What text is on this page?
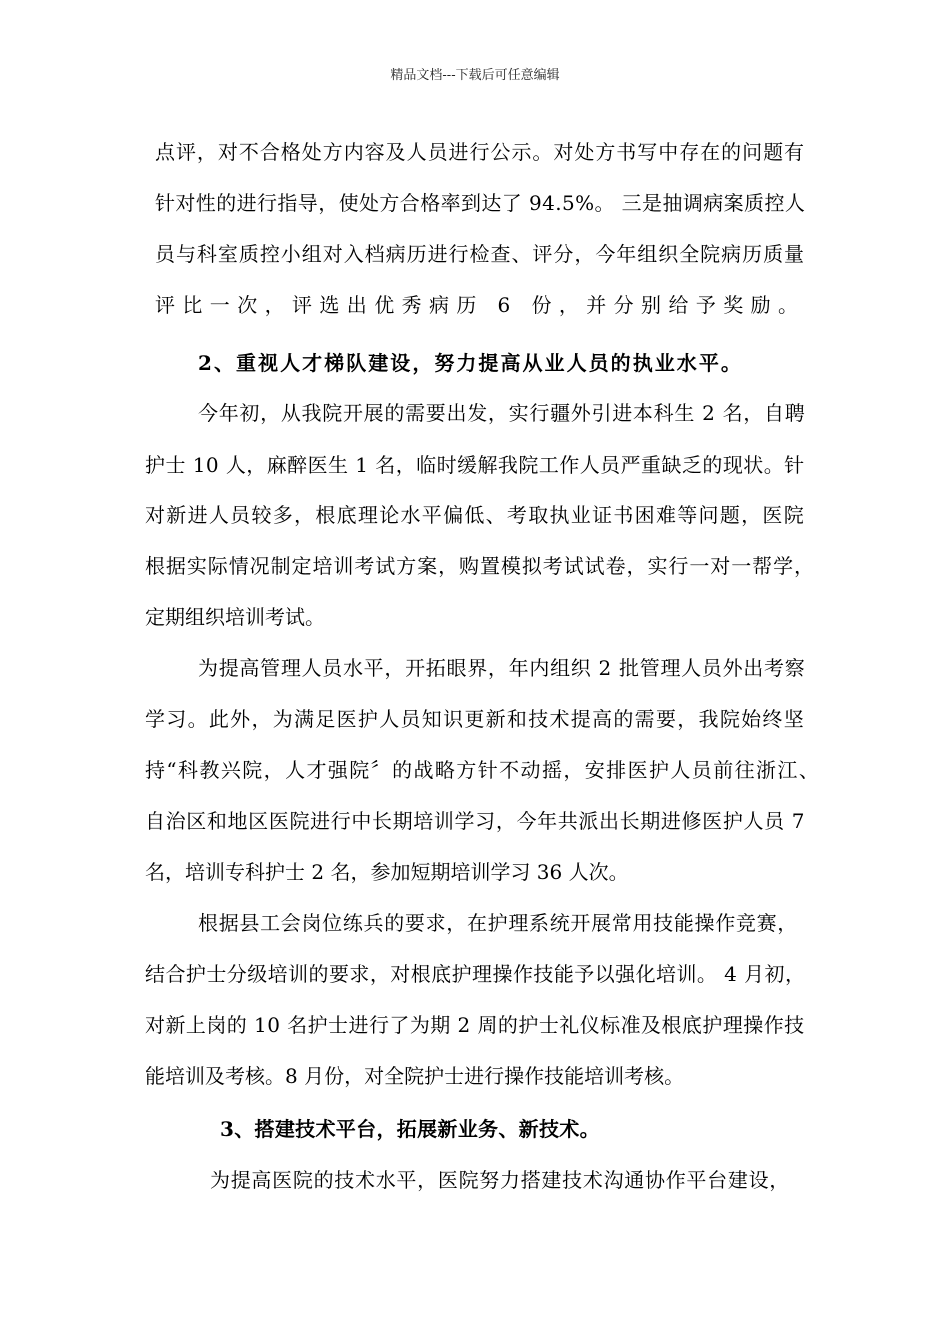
精品文档---下载后可任意编辑
点评，对不合格处方内容及人员进行公示。对处方书写中存在的问题有
针对性的进行指导，使处方合格率到达了 94.5%。 三是抽调病案质控人
员与科室质控小组对入档病历进行检查、评分，今年组织全院病历质量
评比一次，评选出优秀病历 6 份，并分别给予奖励。
2、重视人才梯队建设，努力提高从业人员的执业水平。
今年初，从我院开展的需要出发，实行疆外引进本科生 2 名，自聘
护士 10 人，麻醉医生 1 名，临时缓解我院工作人员严重缺乏的现状。针
对新进人员较多，根底理论水平偏低、考取执业证书困难等问题，医院
根据实际情况制定培训考试方案，购置模拟考试试卷，实行一对一帮学，
定期组织培训考试。
为提高管理人员水平，开拓眼界，年内组织 2 批管理人员外出考察
学习。此外，为满足医护人员知识更新和技术提高的需要，我院始终坚
持“科教兴院，人才强院〞的战略方针不动摇，安排医护人员前往浙江、
自治区和地区医院进行中长期培训学习，今年共派出长期进修医护人员 7
名，培训专科护士 2 名，参加短期培训学习 36 人次。
根据县工会岗位练兵的要求，在护理系统开展常用技能操作竞赛，
结合护士分级培训的要求，对根底护理操作技能予以强化培训。 4 月初，
对新上岗的 10 名护士进行了为期 2 周的护士礼仪标准及根底护理操作技
能培训及考核。8 月份，对全院护士进行操作技能培训考核。
3、搭建技术平台，拓展新业务、新技术。
为提高医院的技术水平，医院努力搭建技术沟通协作平台建设，
